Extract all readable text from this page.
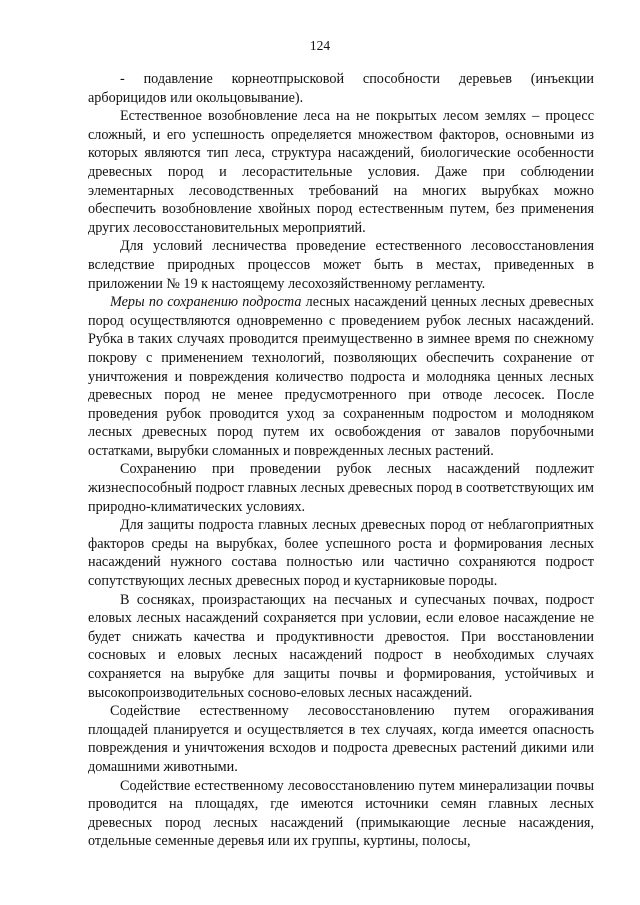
124

- подавление корнеотпрысковой способности деревьев (инъекции арборицидов или окольцовывание).

Естественное возобновление леса на не покрытых лесом землях – процесс сложный, и его успешность определяется множеством факторов, основными из которых являются тип леса, структура насаждений, биологические особенности древесных пород и лесорастительные условия. Даже при соблюдении элементарных лесоводственных требований на многих вырубках можно обеспечить возобновление хвойных пород естественным путем, без применения других лесовосстановительных мероприятий.

Для условий лесничества проведение естественного лесовосстановления вследствие природных процессов может быть в местах, приведенных в приложении № 19 к настоящему лесохозяйственному регламенту.

Меры по сохранению подроста лесных насаждений ценных лесных древесных пород осуществляются одновременно с проведением рубок лесных насаждений. Рубка в таких случаях проводится преимущественно в зимнее время по снежному покрову с применением технологий, позволяющих обеспечить сохранение от уничтожения и повреждения количество подроста и молодняка ценных лесных древесных пород не менее предусмотренного при отводе лесосек. После проведения рубок проводится уход за сохраненным подростом и молодняком лесных древесных пород путем их освобождения от завалов порубочными остатками, вырубки сломанных и поврежденных лесных растений.

Сохранению при проведении рубок лесных насаждений подлежит жизнеспособный подрост главных лесных древесных пород в соответствующих им природно-климатических условиях.

Для защиты подроста главных лесных древесных пород от неблагоприятных факторов среды на вырубках, более успешного роста и формирования лесных насаждений нужного состава полностью или частично сохраняются подрост сопутствующих лесных древесных пород и кустарниковые породы.

В сосняках, произрастающих на песчаных и супесчаных почвах, подрост еловых лесных насаждений сохраняется при условии, если еловое насаждение не будет снижать качества и продуктивности древостоя. При восстановлении сосновых и еловых лесных насаждений подрост в необходимых случаях сохраняется на вырубке для защиты почвы и формирования, устойчивых и высокопроизводительных сосново-еловых лесных насаждений.

Содействие естественному лесовосстановлению путем огораживания площадей планируется и осуществляется в тех случаях, когда имеется опасность повреждения и уничтожения всходов и подроста древесных растений дикими или домашними животными.

Содействие естественному лесовосстановлению путем минерализации почвы проводится на площадях, где имеются источники семян главных лесных древесных пород лесных насаждений (примыкающие лесные насаждения, отдельные семенные деревья или их группы, куртины, полосы,
